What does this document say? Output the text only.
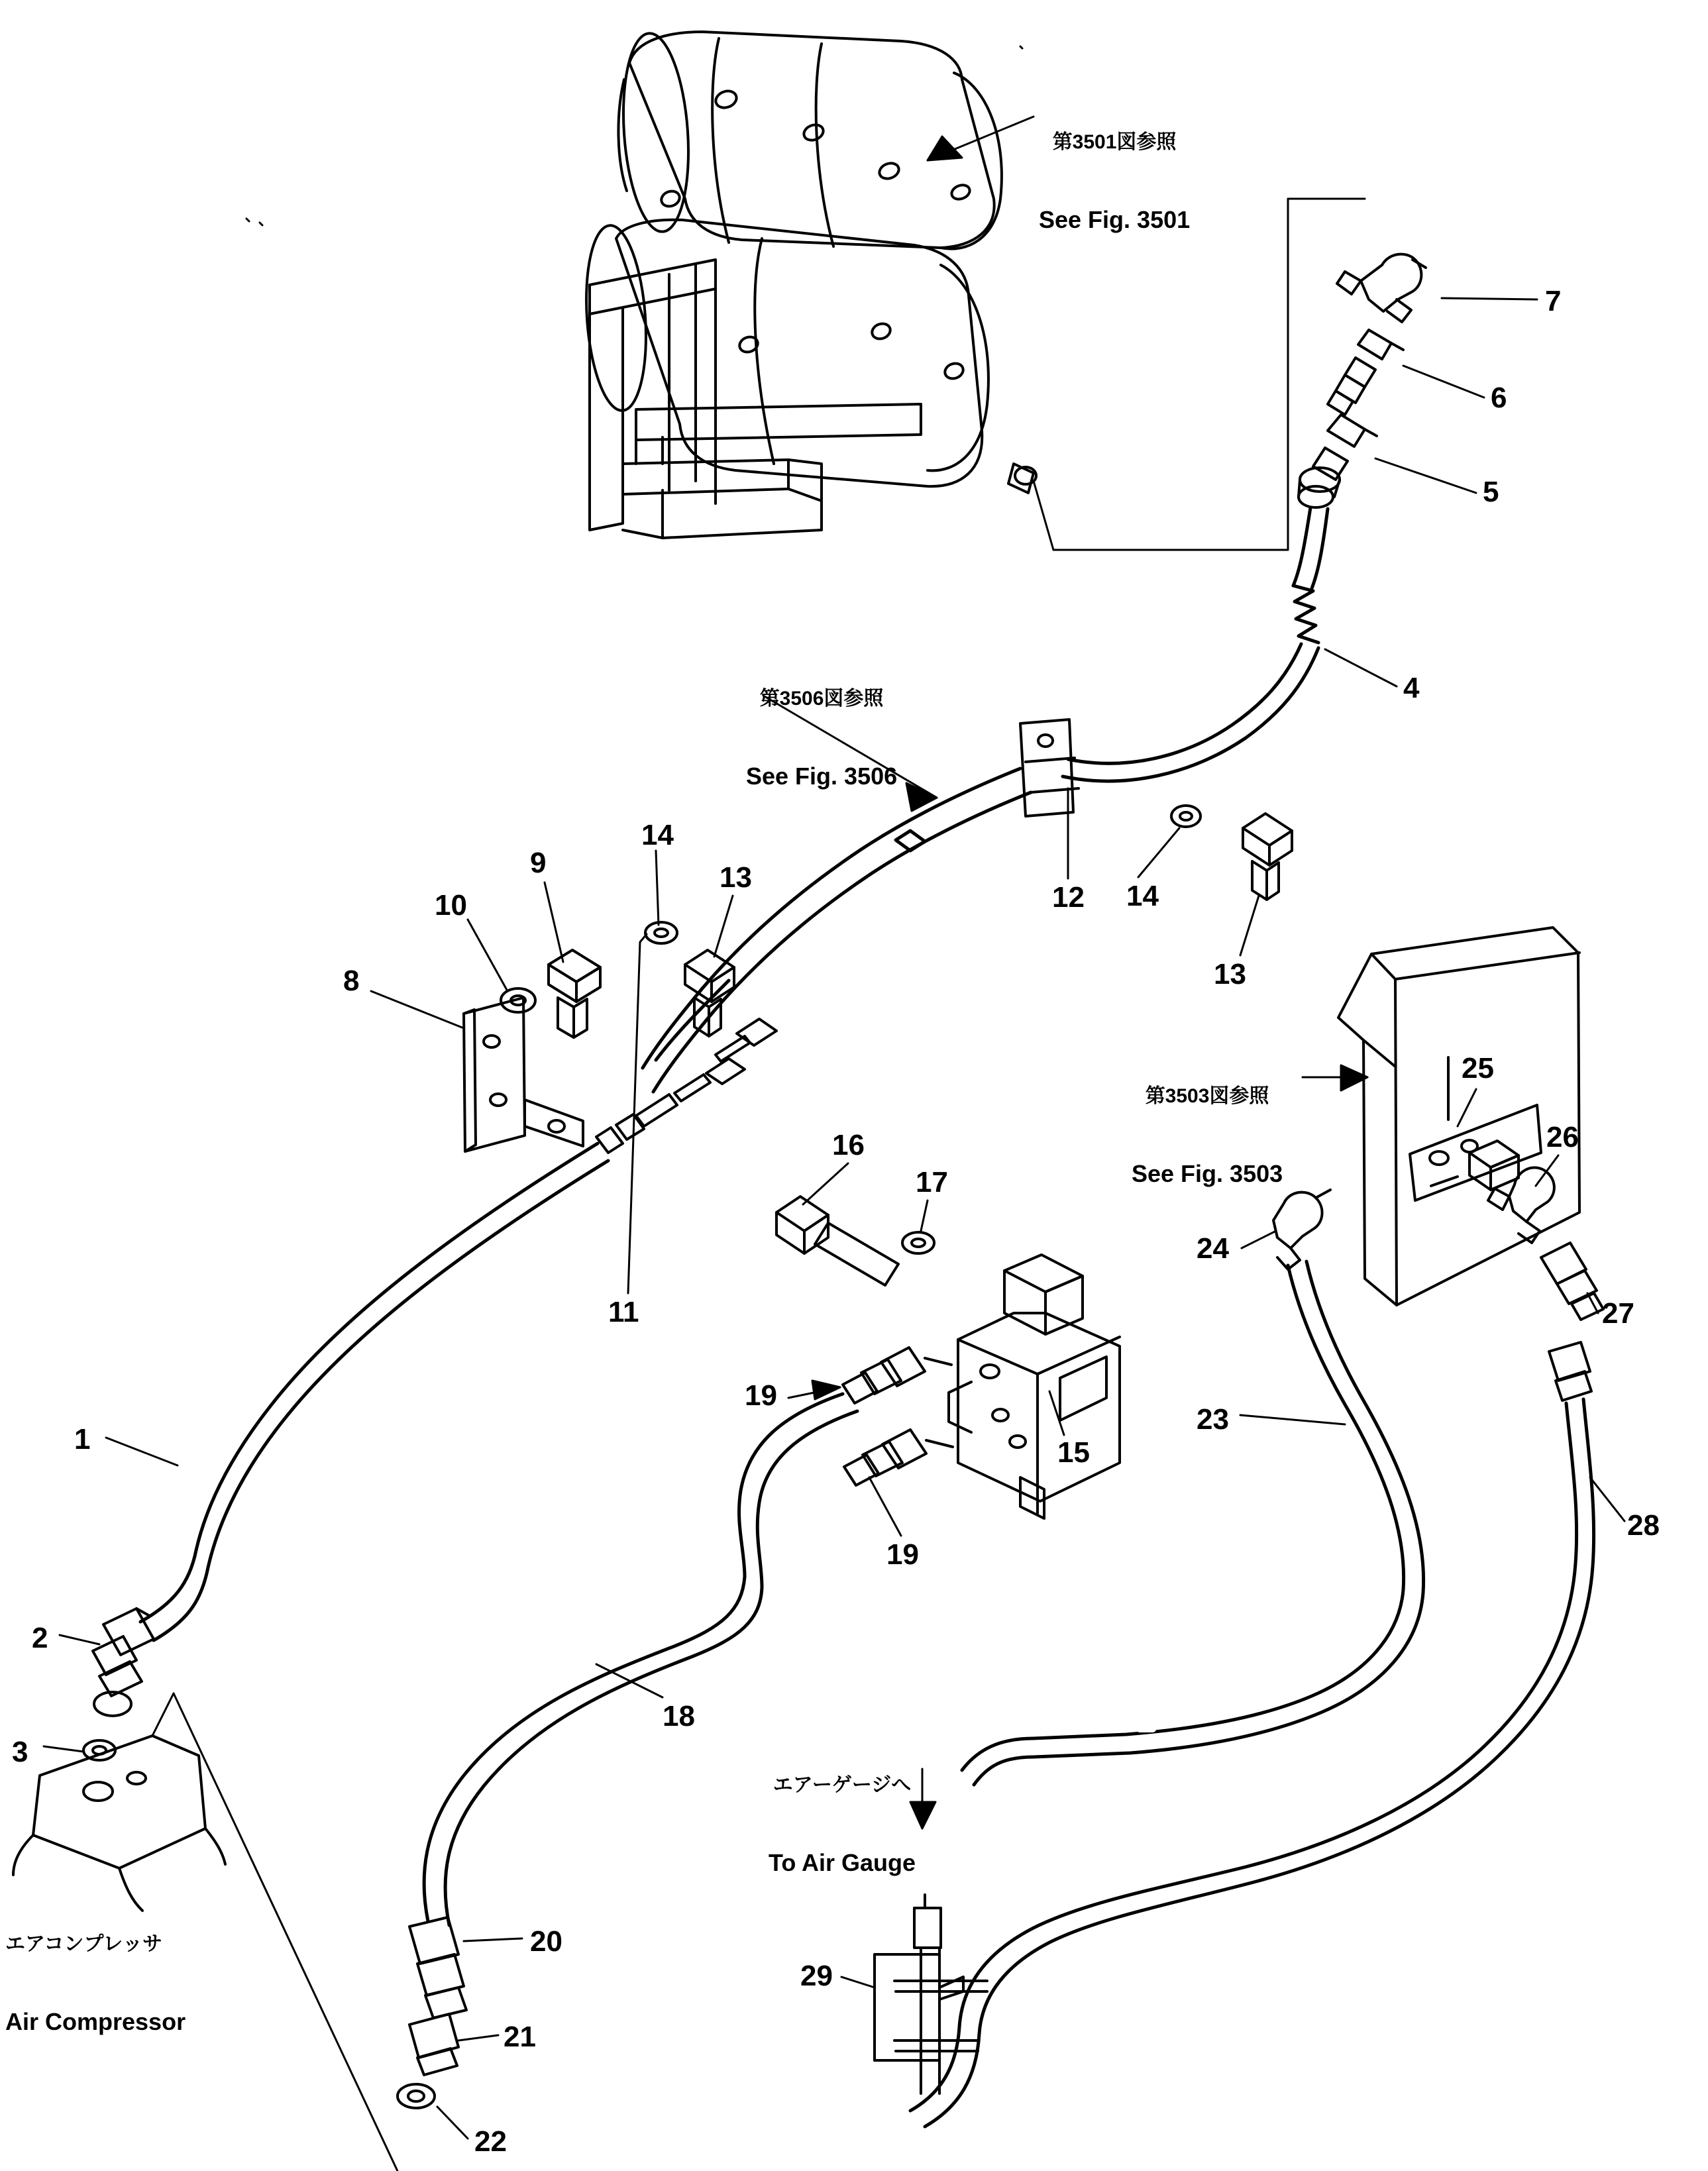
1
2
3
4
5
6
7
8
9
10
11
12
13
14
13
14
15
16
17
18
19
19
20
21
22
23
24
25
26
27
28
29

第3501図参照

See Fig. 3501

第3506図参照

See Fig. 3506

第3503図参照

See Fig. 3503

エアコンプレッサ

Air Compressor

エアーゲージへ

To Air Gauge
